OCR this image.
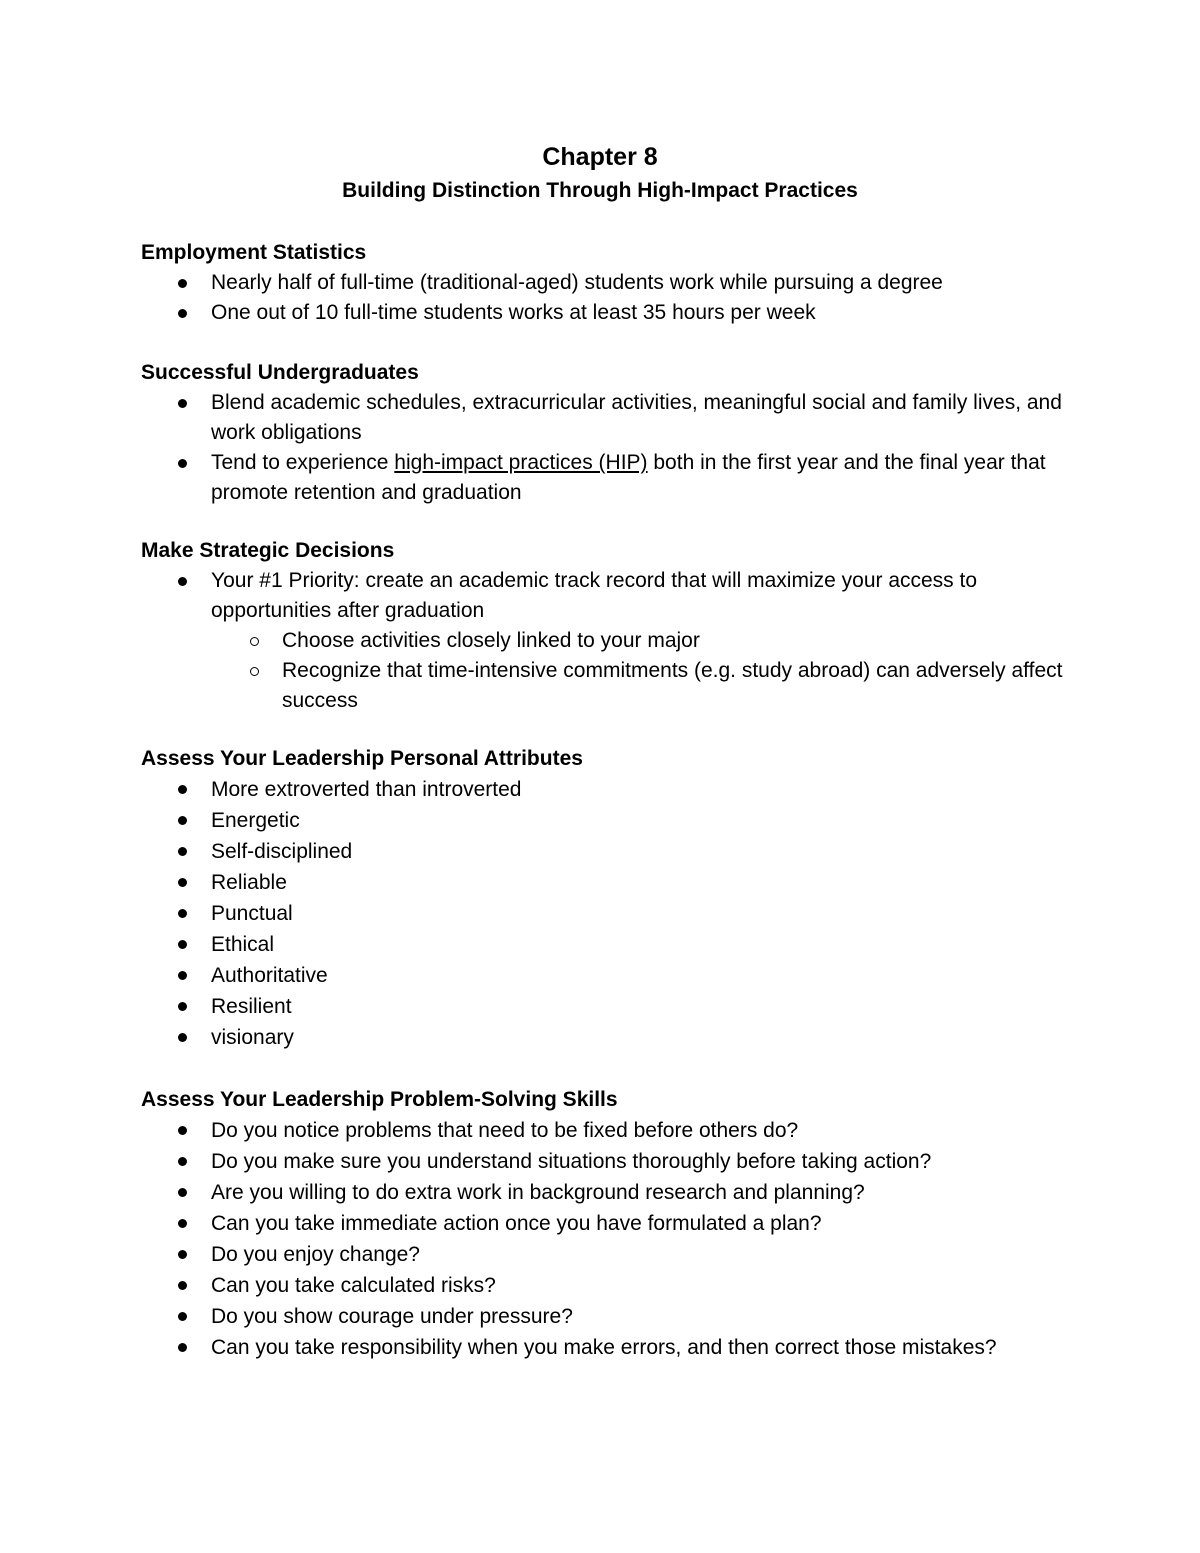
Chapter 8
Building Distinction Through High-Impact Practices
Employment Statistics
Nearly half of full-time (traditional-aged) students work while pursuing a degree
One out of 10 full-time students works at least 35 hours per week
Successful Undergraduates
Blend academic schedules, extracurricular activities, meaningful social and family lives, and work obligations
Tend to experience high-impact practices (HIP) both in the first year and the final year that promote retention and graduation
Make Strategic Decisions
Your #1 Priority: create an academic track record that will maximize your access to opportunities after graduation
Choose activities closely linked to your major
Recognize that time-intensive commitments (e.g. study abroad) can adversely affect success
Assess Your Leadership Personal Attributes
More extroverted than introverted
Energetic
Self-disciplined
Reliable
Punctual
Ethical
Authoritative
Resilient
visionary
Assess Your Leadership Problem-Solving Skills
Do you notice problems that need to be fixed before others do?
Do you make sure you understand situations thoroughly before taking action?
Are you willing to do extra work in background research and planning?
Can you take immediate action once you have formulated a plan?
Do you enjoy change?
Can you take calculated risks?
Do you show courage under pressure?
Can you take responsibility when you make errors, and then correct those mistakes?
